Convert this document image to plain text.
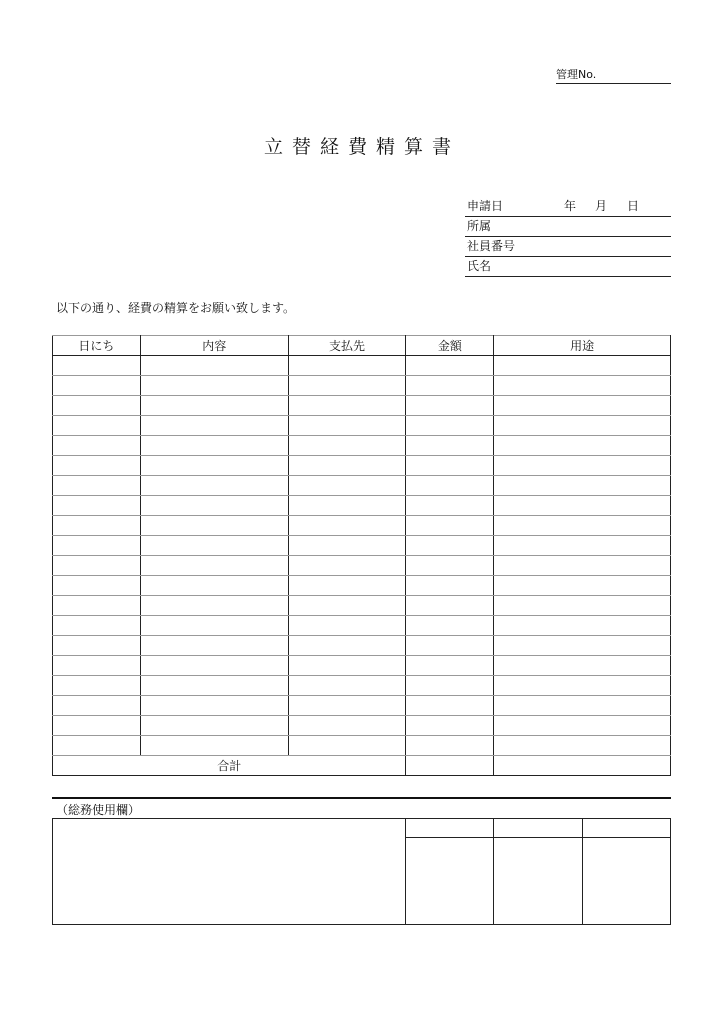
管理No.
立替経費精算書
申請日	年 月 日
所属
社員番号
氏名
以下の通り、経費の精算をお願い致します。
日にち	内容	支払先	金額	用途

合計				
（総務使用欄）
